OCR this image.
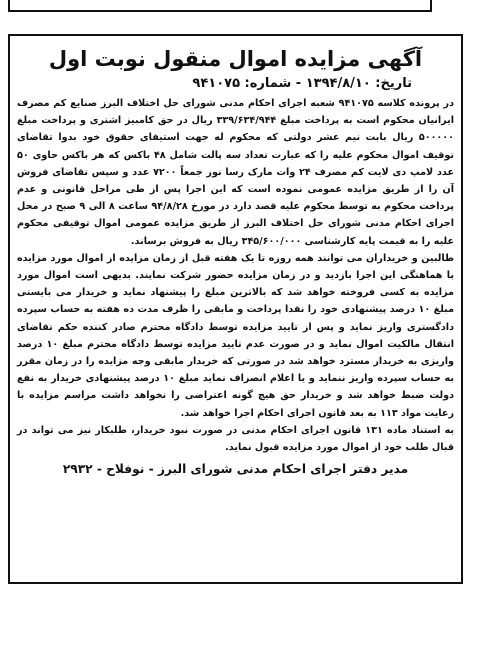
آگهی مزایده اموال منقول نوبت اول
تاریخ: ۱۳۹۴/۸/۱۰ - شماره: ۹۴۱۰۷۵

در پرونده کلاسه ۹۴۱۰۷۵ شعبه اجرای احکام مدنی شورای حل اختلاف البرز صنایع کم مصرف ایرانیان محکوم است به پرداخت مبلغ ۳۳۹/۶۳۴/۹۴۴ ریال در حق کامبیز اشتری و پرداخت مبلغ ۵۰۰۰۰۰ ریال بابت نیم عشر دولتی که محکوم له جهت استیفای حقوق خود بدوا تقاضای توقیف اموال محکوم علیه را که عبارت تعداد سه پالت شامل ۴۸ باکس که هر باکس حاوی ۵۰ عدد لامپ دی لایت کم مصرف ۲۴ وات مارک رسا نور جمعاً ۷۲۰۰ عدد و سپس تقاضای فروش آن را از طریق مزایده عمومی نموده است که این اجرا پس از طی مراحل قانونی و عدم پرداخت محکوم به توسط محکوم علیه قصد دارد در مورخ ۹۴/۸/۲۸ ساعت ۸ الی ۹ صبح در محل اجرای احکام مدنی شورای حل اختلاف البرز از طریق مزایده عمومی اموال توقیفی محکوم علیه را به قیمت پایه کارشناسی ۳۴۵/۶۰۰/۰۰۰ ریال به فروش برساند.

طالبین و خریداران می توانند همه روزه تا یک هفته قبل از زمان مزایده از اموال مورد مزایده با هماهنگی این اجرا بازدید و در زمان مزایده حضور شرکت نمایند. بدیهی است اموال مورد مزایده به کسی فروخته خواهد شد که بالاترین مبلغ را پیشنهاد نماید و خریدار می بایستی مبلغ ۱۰ درصد پیشنهادی خود را نقدا پرداخت و مابقی را ظرف مدت ده هفته به حساب سپرده دادگستری واریز نماید و پس از تایید مزایده توسط دادگاه محترم صادر کننده حکم تقاضای انتقال مالکیت اموال نماید و در صورت عدم تایید مزایده توسط دادگاه محترم مبلغ ۱۰ درصد واریزی به خریدار مسترد خواهد شد در صورتی که خریدار مابقی وجه مزایده را در زمان مقرر به حساب سپرده واریز ننماید و یا اعلام انصراف نماید مبلغ ۱۰ درصد پیشنهادی خریدار به نفع دولت ضبط خواهد شد و خریدار حق هیچ گونه اعتراضی را نخواهد داشت مراسم مزایده با رعایت مواد ۱۱۳ به بعد قانون اجرای احکام اجرا خواهد شد.

به استناد ماده ۱۳۱ قانون اجرای احکام مدنی در صورت نبود خریدار، طلبکار نیز می تواند در قبال طلب خود از اموال مورد مزایده قبول نماید.

مدیر دفتر اجرای احکام مدنی شورای البرز - نوفلاح - ۲۹۳۲
